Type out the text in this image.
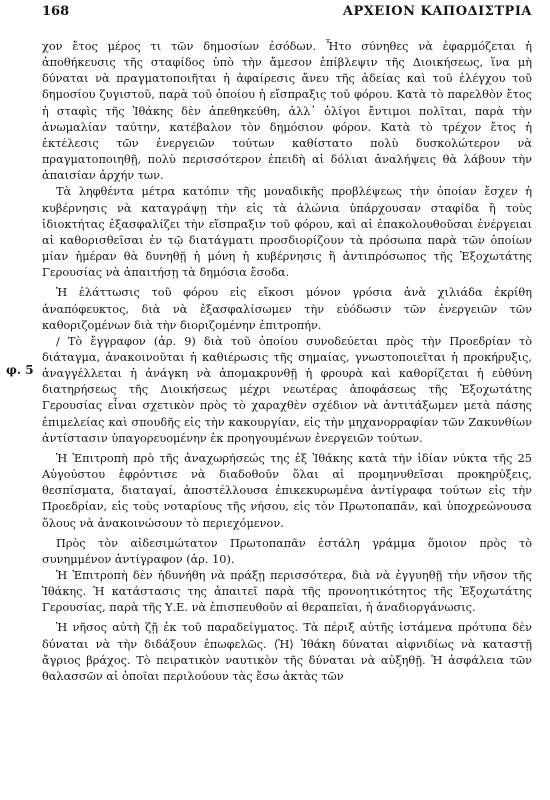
168	ΑΡΧΕΙΟΝ ΚΑΠΟΔΙΣΤΡΙΑ
φ. 5

χον ἔτος μέρος τι τῶν δημοσίων ἐσόδων. Ἦτο σύνηθες νὰ ἐφαρμόζεται ἡ ἀποθήκευσις τῆς σταφίδος ὑπὸ τὴν ἄμεσον ἐπίβλεψιν τῆς Διοικήσεως, ἵνα μὴ δύναται νὰ πραγματοποιῆται ἡ ἀφαίρεσις ἄνευ τῆς ἀδείας καὶ τοῦ ἐλέγχου τοῦ δημοσίου ζυγιστοῦ, παρὰ τοῦ ὁποίου ἡ εἴσπραξις τοῦ φόρου. Κατὰ τὸ παρελθὸν ἔτος ἡ σταφὶς τῆς Ἰθάκης δὲν ἀπεθηκεύθη, ἀλλ᾽ ὀλίγοι ἔντιμοι πολῖται, παρὰ τὴν ἀνωμαλίαν ταύτην, κατέβαλον τὸν δημόσιον φόρον. Κατὰ τὸ τρέχον ἔτος ἡ ἐκτέλεσις τῶν ἐνεργειῶν τούτων καθίστατο πολὺ δυσκολώτερον νὰ πραγματοποιηθῇ, πολὺ περισσότερον ἐπειδὴ αἱ δόλιαι ἀναλήψεις θὰ λάβουν τὴν ἀπαισίαν ἀρχήν των.

Τὰ ληφθέντα μέτρα κατόπιν τῆς μοναδικῆς προβλέψεως τὴν ὁποίαν ἔσχεν ἡ κυβέρνησις νὰ καταγράψῃ τὴν εἰς τὰ ἁλώνια ὑπάρχουσαν σταφίδα ἢ τοὺς ἰδιοκτήτας ἐξασφαλίζει τὴν εἴσπραξιν τοῦ φόρου, καὶ αἱ ἐπακολουθοῦσαι ἐνέργειαι αἱ καθορισθεῖσαι ἐν τῷ διατάγματι προσδιορίζουν τὰ πρόσωπα παρὰ τῶν ὁποίων μίαν ἡμέραν θὰ δυνηθῇ ἡ μόνη ἡ κυβέρνησις ἢ ἀντιπρόσωπος τῆς Ἐξοχωτάτης Γερουσίας νὰ ἀπαιτήσῃ τὰ δημόσια ἔσοδα.

Ἡ ἐλάττωσις τοῦ φόρου εἰς εἴκοσι μόνον γρόσια ἀνὰ χιλιάδα ἐκρίθη ἀναπόφευκτος, διὰ νὰ ἐξασφαλίσωμεν τὴν εὐόδωσιν τῶν ἐνεργειῶν τῶν καθοριζομένων διὰ τὴν διοριζομένην ἐπιτροπήν.

/ Τὸ ἔγγραφον (ἀρ. 9) διὰ τοῦ ὁποίου συνοδεύεται πρὸς τὴν Προεδρίαν τὸ διάταγμα, ἀνακοινοῦται ἡ καθιέρωσις τῆς σημαίας, γνωστοποιεῖται ἡ προκήρυξις, ἀναγγέλλεται ἡ ἀνάγκη νὰ ἀπομακρυνθῇ ἡ φρουρὰ καὶ καθορίζεται ἡ εὐθύνη διατηρήσεως τῆς Διοικήσεως μέχρι νεωτέρας ἀποφάσεως τῆς Ἐξοχωτάτης Γερουσίας εἶναι σχετικὸν πρὸς τὸ χαραχθὲν σχέδιον νὰ ἀντιτάξωμεν μετὰ πάσης ἐπιμελείας καὶ σπουδῆς εἰς τὴν κακουργίαν, εἰς τὴν μηχανορραφίαν τῶν Ζακυνθίων ἀντίστασιν ὑπαγορευομένην ἐκ προηγουμένων ἐνεργειῶν τούτων.

Ἡ Ἐπιτροπὴ πρὸ τῆς ἀναχωρήσεώς της ἐξ Ἰθάκης κατὰ τὴν ἰδίαν νύκτα τῆς 25 Αὐγούστου ἐφρόντισε νὰ διαδοθοῦν ὅλαι αἱ προμηνυθεῖσαι προκηρύξεις, θεσπίσματα, διαταγαί, ἀποστέλλουσα ἐπικεκυρωμένα ἀντίγραφα τούτων εἰς τὴν Προεδρίαν, εἰς τοὺς νοταρίους τῆς νήσου, εἰς τὸν Πρωτοπαπᾶν, καὶ ὑποχρεώνουσα ὅλους νὰ ἀνακοινώσουν τὸ περιεχόμενον.

Πρὸς τὸν αἰδεσιμώτατον Πρωτοπαπᾶν ἐστάλη γράμμα ὅμοιον πρὸς τὸ συνημμένον ἀντίγραφον (ἀρ. 10).

Ἡ Ἐπιτροπὴ δὲν ἠδυνήθη νὰ πράξῃ περισσότερα, διὰ νὰ ἐγγυηθῇ τὴν νῆσον τῆς Ἰθάκης. Ἡ κατάστασις της ἀπαιτεῖ παρὰ τῆς προνοητικότητος τῆς Ἐξοχωτάτης Γερουσίας, παρὰ τῆς Υ.Ε. νὰ ἐπισπευθοῦν αἱ θεραπεῖαι, ἡ ἀναδιοργάνωσις.

Ἡ νῆσος αὐτὴ ζῇ ἐκ τοῦ παραδείγματος. Τὰ πέριξ αὐτῆς ἱστάμενα πρότυπα δὲν δύναται νὰ τὴν διδάξουν ἐπωφελῶς. ⟨Ἡ⟩ Ἰθάκη δύναται αἰφνιδίως νὰ καταστῇ ἄγριος βράχος. Τὸ πειρατικὸν ναυτικὸν τῆς δύναται νὰ αὐξηθῇ. Ἡ ἀσφάλεια τῶν θαλασσῶν αἱ ὁποῖαι περιλούουν τὰς ἔσω ἀκτὰς τῶν
